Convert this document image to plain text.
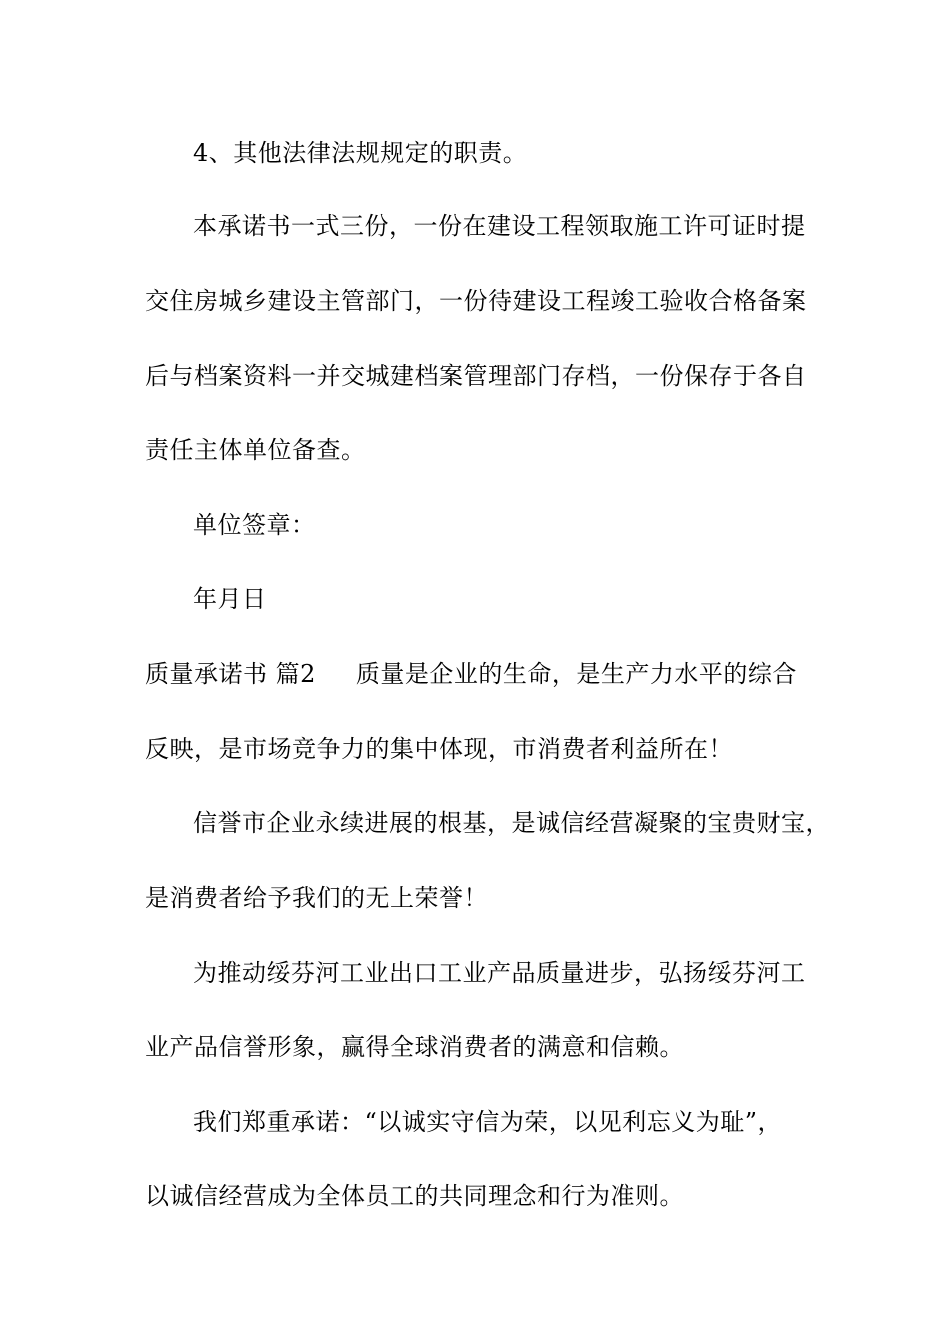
4、其他法律法规规定的职责。
本承诺书一式三份，一份在建设工程领取施工许可证时提
交住房城乡建设主管部门，一份待建设工程竣工验收合格备案
后与档案资料一并交城建档案管理部门存档，一份保存于各自
责任主体单位备查。
单位签章：
年月日
质量承诺书 篇2 质量是企业的生命，是生产力水平的综合
反映，是市场竞争力的集中体现，市消费者利益所在！
信誉市企业永续进展的根基，是诚信经营凝聚的宝贵财宝，
是消费者给予我们的无上荣誉！
为推动绥芬河工业出口工业产品质量进步，弘扬绥芬河工
业产品信誉形象，赢得全球消费者的满意和信赖。
我们郑重承诺：“以诚实守信为荣，以见利忘义为耻”，
以诚信经营成为全体员工的共同理念和行为准则。
